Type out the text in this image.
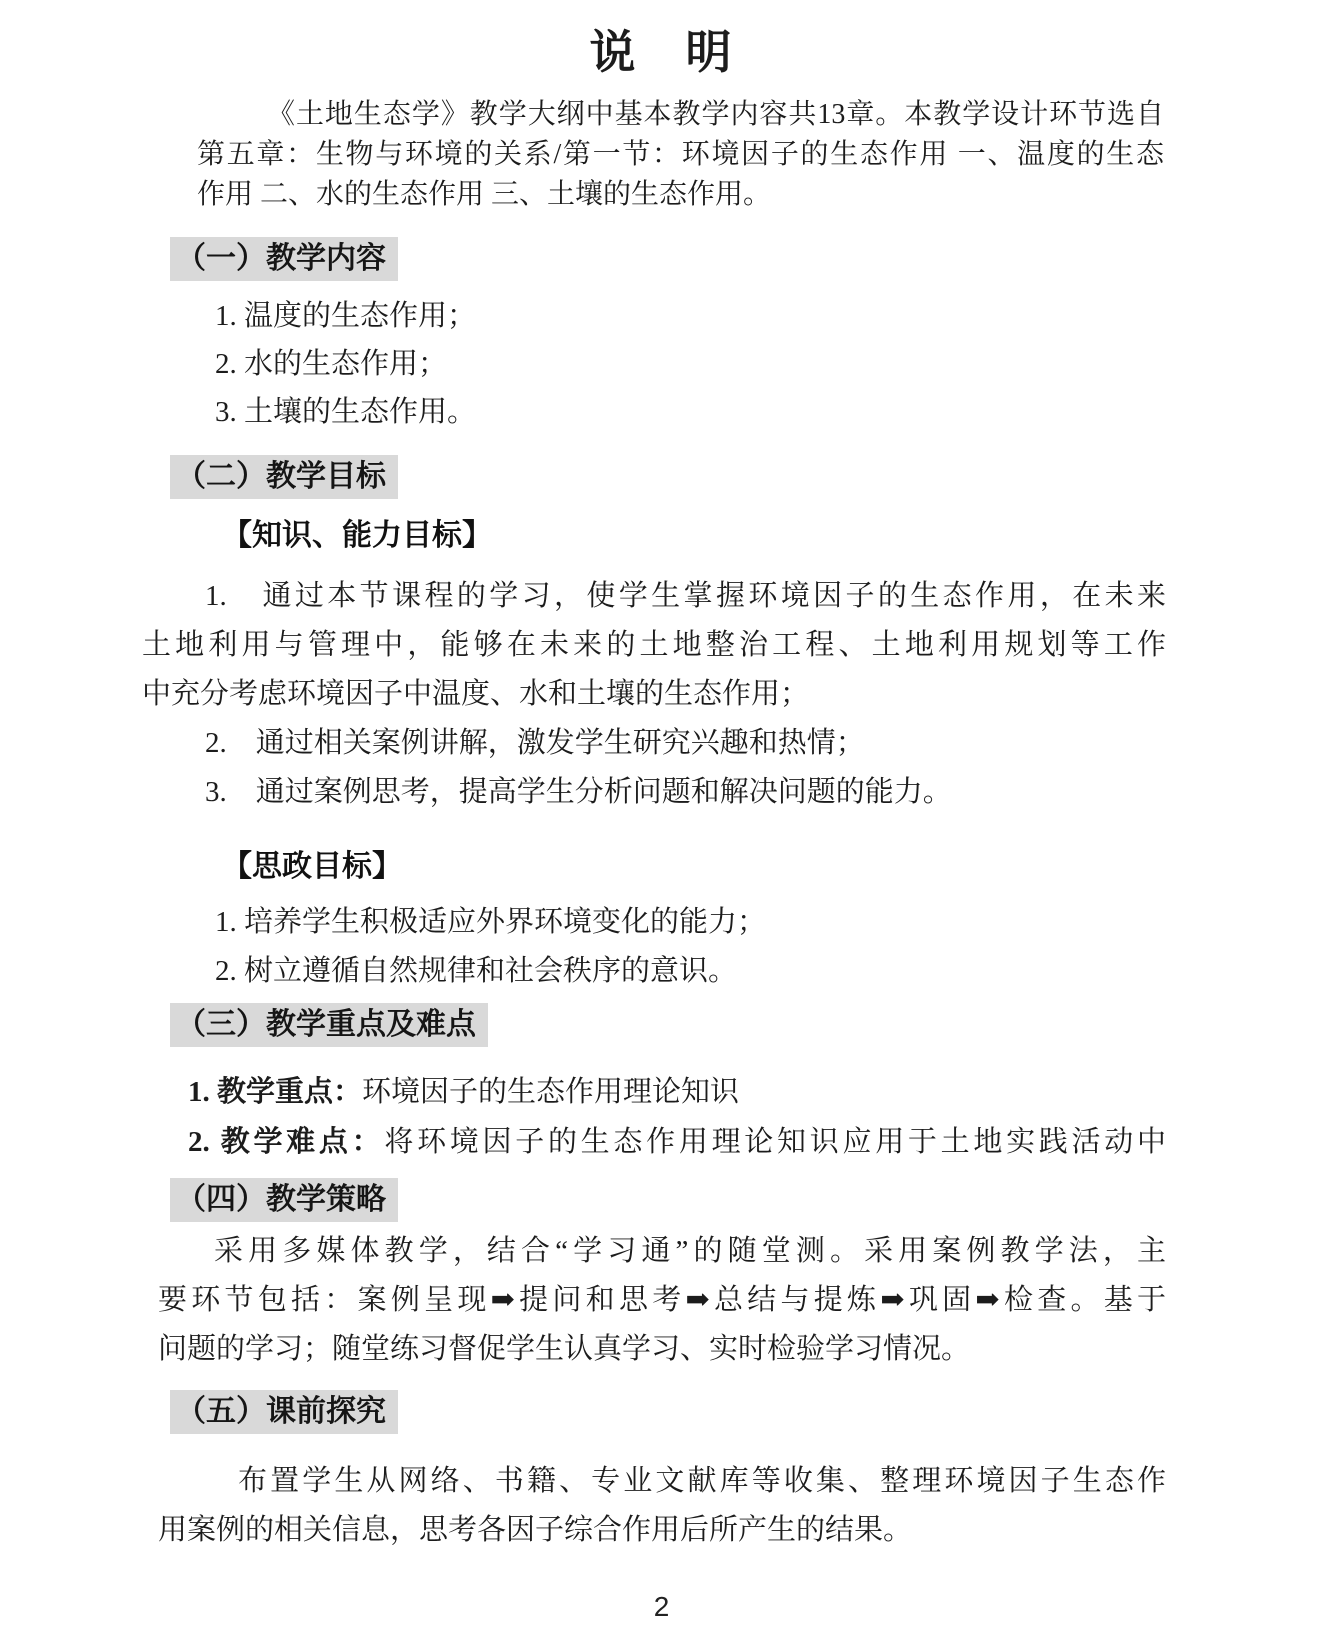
说　明
《土地生态学》教学大纲中基本教学内容共13章。本教学设计环节选自
第五章：生物与环境的关系/第一节：环境因子的生态作用 一、温度的生态
作用 二、水的生态作用 三、土壤的生态作用。
（一）教学内容
1. 温度的生态作用；
2. 水的生态作用；
3. 土壤的生态作用。
（二）教学目标
【知识、能力目标】
1.　通过本节课程的学习，使学生掌握环境因子的生态作用，在未来
土地利用与管理中，能够在未来的土地整治工程、土地利用规划等工作
中充分考虑环境因子中温度、水和土壤的生态作用；
2.　通过相关案例讲解，激发学生研究兴趣和热情；
3.　通过案例思考，提高学生分析问题和解决问题的能力。
【思政目标】
1. 培养学生积极适应外界环境变化的能力；
2. 树立遵循自然规律和社会秩序的意识。
（三）教学重点及难点
1. 教学重点：环境因子的生态作用理论知识
2. 教学难点：将环境因子的生态作用理论知识应用于土地实践活动中
（四）教学策略
采用多媒体教学，结合“学习通”的随堂测。采用案例教学法，主
要环节包括：案例呈现➡提问和思考➡总结与提炼➡巩固➡检查。基于
问题的学习；随堂练习督促学生认真学习、实时检验学习情况。
（五）课前探究
布置学生从网络、书籍、专业文献库等收集、整理环境因子生态作
用案例的相关信息，思考各因子综合作用后所产生的结果。
2
